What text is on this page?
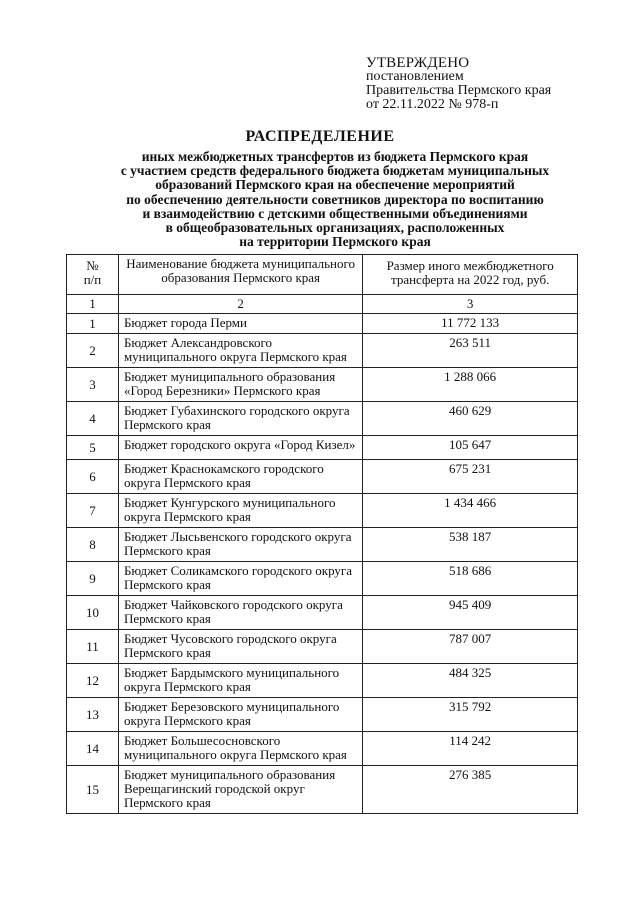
УТВЕРЖДЕНО
постановлением
Правительства Пермского края
от 22.11.2022 № 978-п
РАСПРЕДЕЛЕНИЕ
иных межбюджетных трансфертов из бюджета Пермского края
с участием средств федерального бюджета бюджетам муниципальных
образований Пермского края на обеспечение мероприятий
по обеспечению деятельности советников директора по воспитанию
и взаимодействию с детскими общественными объединениями
в общеобразовательных организациях, расположенных
на территории Пермского края
№ п/п	Наименование бюджета муниципального образования Пермского края	Размер иного межбюджетного трансферта на 2022 год, руб.
1	2	3
1	Бюджет города Перми	11 772 133
2	Бюджет Александровского муниципального округа Пермского края	263 511
3	Бюджет муниципального образования «Город Березники» Пермского края	1 288 066
4	Бюджет Губахинского городского округа Пермского края	460 629
5	Бюджет городского округа «Город Кизел»	105 647
6	Бюджет Краснокамского городского округа Пермского края	675 231
7	Бюджет Кунгурского муниципального округа Пермского края	1 434 466
8	Бюджет Лысьвенского городского округа Пермского края	538 187
9	Бюджет Соликамского городского округа Пермского края	518 686
10	Бюджет Чайковского городского округа Пермского края	945 409
11	Бюджет Чусовского городского округа Пермского края	787 007
12	Бюджет Бардымского муниципального округа Пермского края	484 325
13	Бюджет Березовского муниципального округа Пермского края	315 792
14	Бюджет Большесосновского муниципального округа Пермского края	114 242
15	Бюджет муниципального образования Верещагинский городской округ Пермского края	276 385
